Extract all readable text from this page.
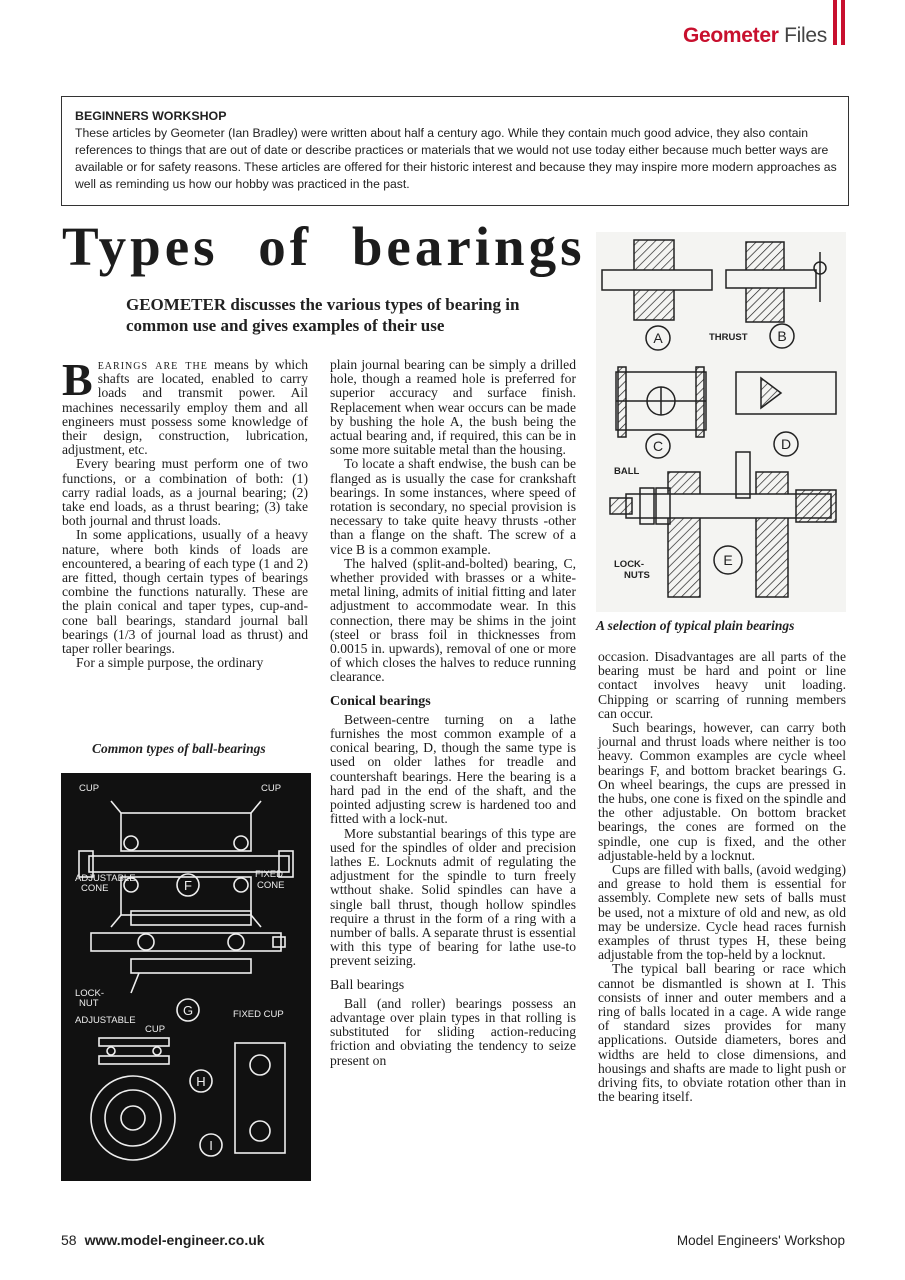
Geometer Files
BEGINNERS WORKSHOP
These articles by Geometer (Ian Bradley) were written about half a century ago. While they contain much good advice, they also contain references to things that are out of date or describe practices or materials that we would not use today either because much better ways are available or for safety reasons. These articles are offered for their historic interest and because they may inspire more modern approaches as well as reminding us how our hobby was practiced in the past.
Types of bearings
GEOMETER discusses the various types of bearing in common use and gives examples of their use

Bearings are the means by which shafts are located, enabled to carry loads and transmit power. Ail machines necessarily employ them and all engineers must possess some knowledge of their design, construction, lubrication, adjustment, etc.

Every bearing must perform one of two functions, or a combination of both: (1) carry radial loads, as a journal bearing; (2) take end loads, as a thrust bearing; (3) take both journal and thrust loads.

In some applications, usually of a heavy nature, where both kinds of loads are encountered, a bearing of each type (1 and 2) are fitted, though certain types of bearings combine the functions naturally. These are the plain conical and taper types, cup-and-cone ball bearings, standard journal ball bearings (1/3 of journal load as thrust) and taper roller bearings.

For a simple purpose, the ordinary

Common types of ball-bearings
CUP	CUP
ADJUSTABLE
CONE
FIXED
CONE
LOCK-
NUT
FIXED CUP
ADJUSTABLE
CUP
F
G
H
I

plain journal bearing can be simply a drilled hole, though a reamed hole is preferred for superior accuracy and surface finish. Replacement when wear occurs can be made by bushing the hole A, the bush being the actual bearing and, if required, this can be in some more suitable metal than the housing.

To locate a shaft endwise, the bush can be flanged as is usually the case for crankshaft bearings. In some instances, where speed of rotation is secondary, no special provision is necessary to take quite heavy thrusts -other than a flange on the shaft. The screw of a vice B is a common example.

The halved (split-and-bolted) bearing, C, whether provided with brasses or a white-metal lining, admits of initial fitting and later adjustment to accommodate wear. In this connection, there may be shims in the joint (steel or brass foil in thicknesses from 0.0015 in. upwards), removal of one or more of which closes the halves to reduce running clearance.

Conical bearings

Between-centre turning on a lathe furnishes the most common example of a conical bearing, D, though the same type is used on older lathes for treadle and countershaft bearings. Here the bearing is a hard pad in the end of the shaft, and the pointed adjusting screw is hardened too and fitted with a lock-nut.

More substantial bearings of this type are used for the spindles of older and precision lathes E. Locknuts admit of regulating the adjustment for the spindle to turn freely wtthout shake. Solid spindles can have a single ball thrust, though hollow spindles require a thrust in the form of a ring with a number of balls. A separate thrust is essential with this type of bearing for lathe use-to prevent seizing.

Ball bearings

Ball (and roller) bearings possess an advantage over plain types in that rolling is substituted for sliding action-reducing friction and obviating the tendency to seize present on

A	B
C	D
E
THRUST
BALL
LOCK-
NUTS
A selection of typical plain bearings

occasion. Disadvantages are all parts of the bearing must be hard and point or line contact involves heavy unit loading. Chipping or scarring of running members can occur.

Such bearings, however, can carry both journal and thrust loads where neither is too heavy. Common examples are cycle wheel bearings F, and bottom bracket bearings G. On wheel bearings, the cups are pressed in the hubs, one cone is fixed on the spindle and the other adjustable. On bottom bracket bearings, the cones are formed on the spindle, one cup is fixed, and the other adjustable-held by a locknut.

Cups are filled with balls, (avoid wedging) and grease to hold them is essential for assembly. Complete new sets of balls must be used, not a mixture of old and new, as old may be undersize. Cycle head races furnish examples of thrust types H, these being adjustable from the top-held by a locknut.

The typical ball bearing or race which cannot be dismantled is shown at I. This consists of inner and outer members and a ring of balls located in a cage. A wide range of standard sizes provides for many applications. Outside diameters, bores and widths are held to close dimensions, and housings and shafts are made to light push or driving fits, to obviate rotation other than in the bearing itself.

58 www.model-engineer.co.uk	Model Engineers' Workshop
